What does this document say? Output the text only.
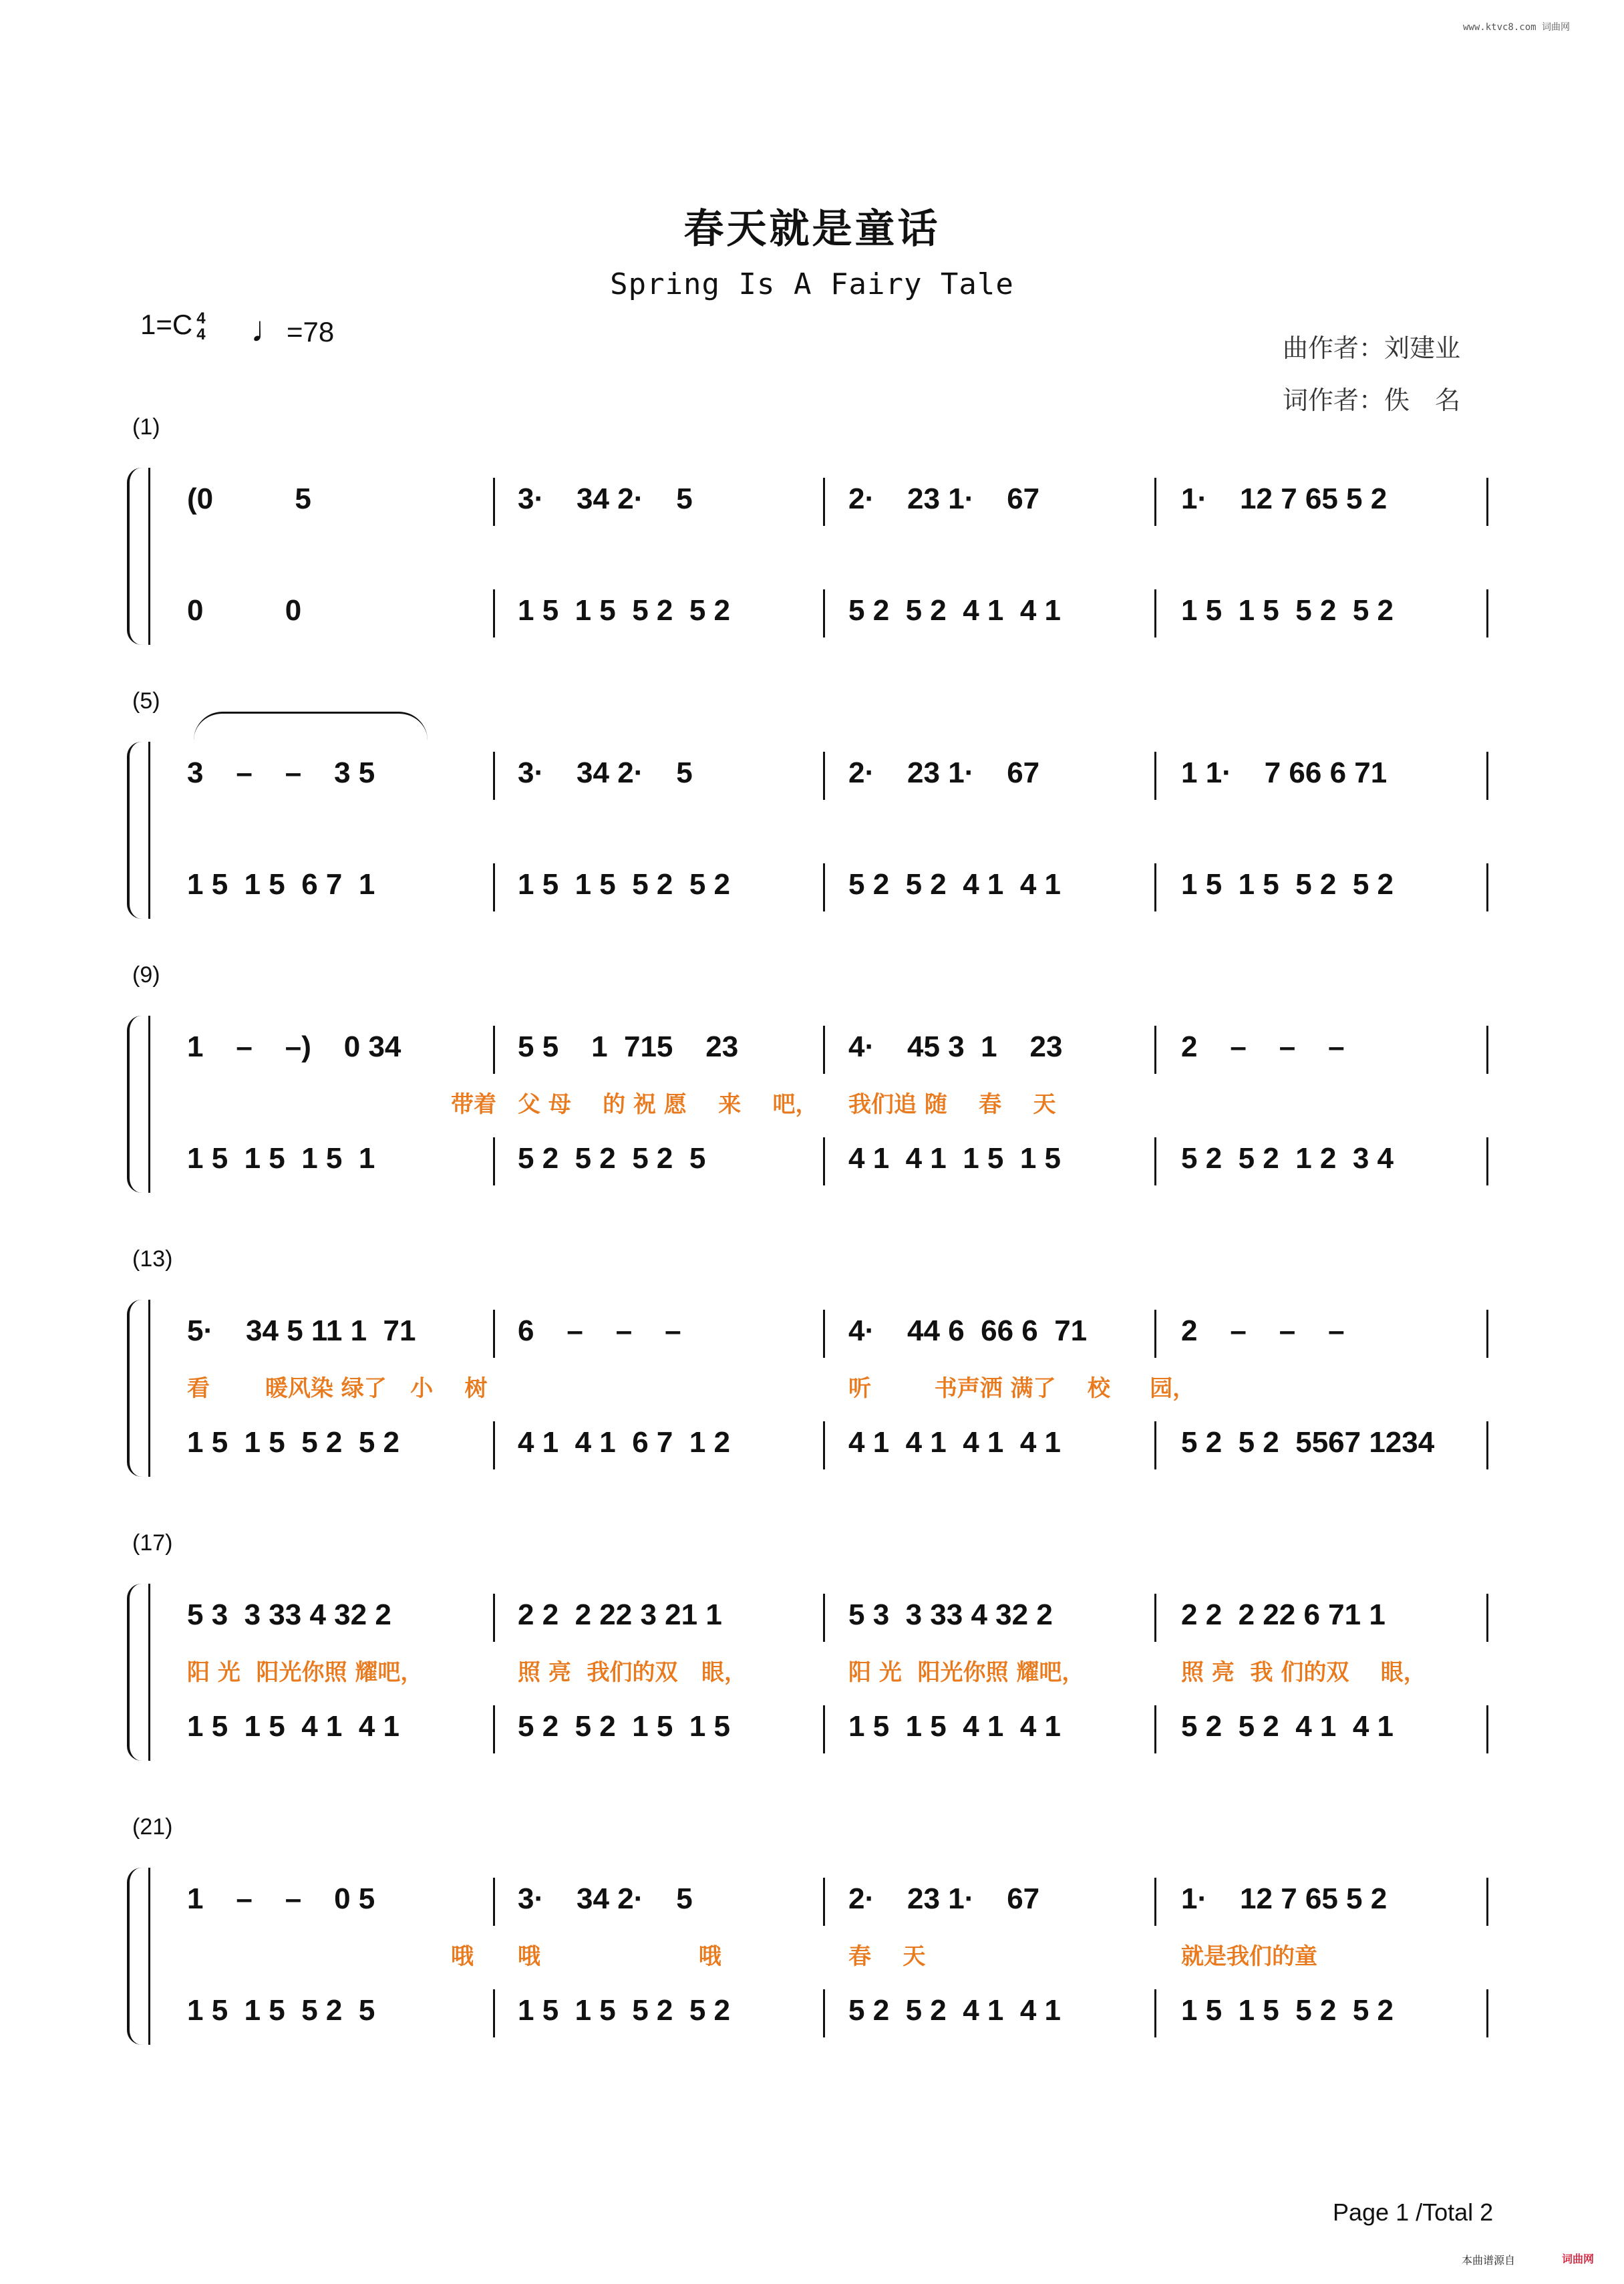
www.ktvc8.com 词曲网
春天就是童话
Spring Is A Fairy Tale
1=C 4
4 ♩=78
曲作者：刘建业
词作者：佚　名
(1)
(0          5	3·    34 2·    5	2·    23 1·    67	1·    12 7 65 5 2
0          0	1 5  1 5  5 2  5 2	5 2  5 2  4 1  4 1	1 5  1 5  5 2  5 2
(5)
3    –    –    3 5	3·    34 2·    5	2·    23 1·    67	1 1·    7 66 6 71
1 5  1 5  6 7  1	1 5  1 5  5 2  5 2	5 2  5 2  4 1  4 1	1 5  1 5  5 2  5 2
(9)
1    –    –)    0 34	5 5    1  715    23	4·    45 3  1    23	2    –    –    –
带着 父 母    的 祝 愿    来    吧， 我们追 随    春    天
1 5  1 5  1 5  1	5 2  5 2  5 2  5	4 1  4 1  1 5  1 5	5 2  5 2  1 2  3 4
(13)
5·    34 5 11 1  71	6    –    –    –	4·    44 6  66 6  71	2    –    –    –
看       暖风染 绿了   小    树	听        书声洒 满了    校     园，
1 5  1 5  5 2  5 2	4 1  4 1  6 7  1 2	4 1  4 1  4 1  4 1	5 2  5 2  5567 1234
(17)
5 3  3 33 4 32 2	2 2  2 22 3 21 1	5 3  3 33 4 32 2	2 2  2 22 6 71 1
阳 光  阳光你照 耀吧，	照 亮  我们的双   眼，	阳 光  阳光你照 耀吧，	照 亮  我 们的双    眼，
1 5  1 5  4 1  4 1	5 2  5 2  1 5  1 5	1 5  1 5  4 1  4 1	5 2  5 2  4 1  4 1
(21)
1    –    –    0 5	3·    34 2·    5	2·    23 1·    67	1·    12 7 65 5 2
哦 哦                    哦	春    天	就是我们的童
1 5  1 5  5 2  5	1 5  1 5  5 2  5 2	5 2  5 2  4 1  4 1	1 5  1 5  5 2  5 2
Page 1 /Total 2
本曲谱源自	词曲网
